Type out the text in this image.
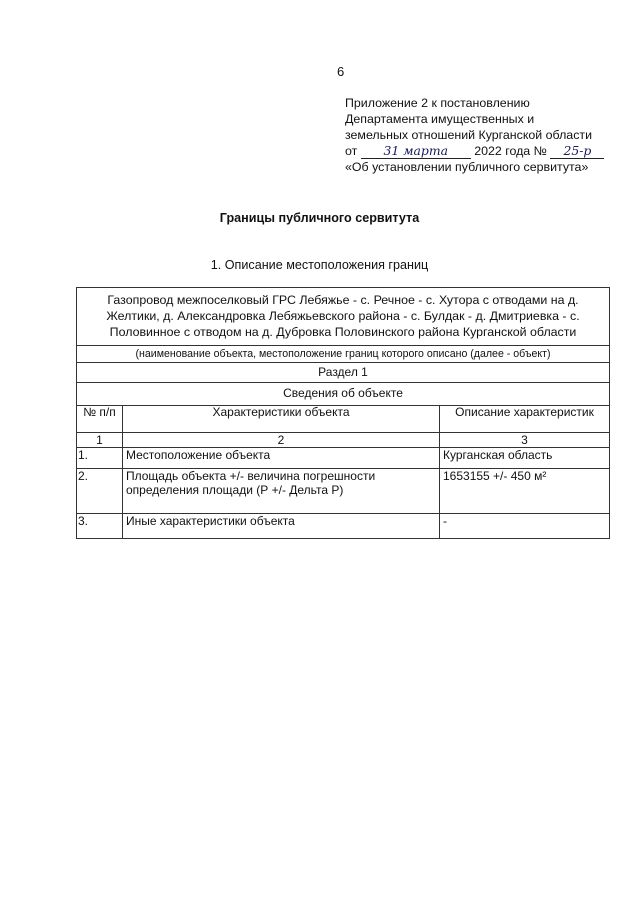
6
Приложение 2 к постановлению
Департамента имущественных и
земельных отношений Курганской области
от 31 марта 2022 года № 25-р
«Об установлении публичного сервитута»
Границы публичного сервитута
1. Описание местоположения границ
Газопровод межпоселковый ГРС Лебяжье - с. Речное - с. Хутора с отводами на д. Желтики, д. Александровка Лебяжьевского района - с. Булдак - д. Дмитриевка - с. Половинное с отводом на д. Дубровка Половинского района Курганской области		
(наименование объекта, местоположение границ которого описано (далее - объект)		
Раздел 1		
Сведения об объекте		
№ п/п	Характеристики объекта	Описание характеристик
1	2	3
1.	Местоположение объекта	Курганская область
2.	Площадь объекта +/- величина погрешности определения площади (Р +/- Дельта Р)	1653155 +/- 450 м²
3.	Иные характеристики объекта	-
